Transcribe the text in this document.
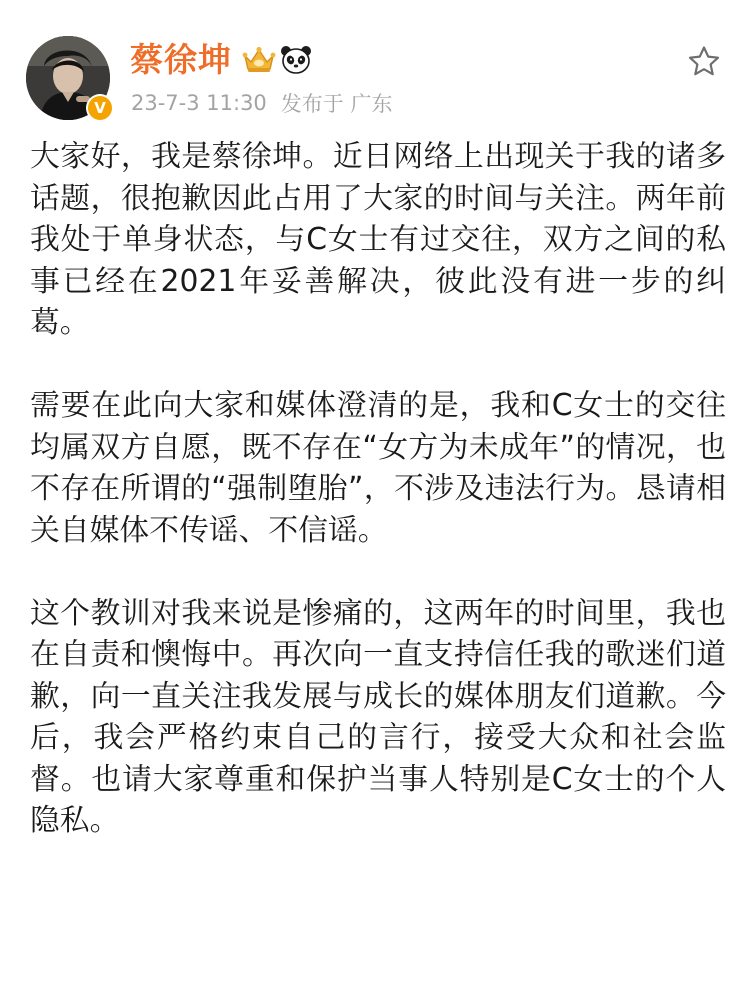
V
蔡徐坤
23-7-3 11:30 发布于 广东

大家好，我是蔡徐坤。近日网络上出现关于我的诸多话题，很抱歉因此占用了大家的时间与关注。两年前我处于单身状态，与C女士有过交往，双方之间的私事已经在2021年妥善解决，彼此没有进一步的纠葛。

需要在此向大家和媒体澄清的是，我和C女士的交往均属双方自愿，既不存在“女方为未成年”的情况，也不存在所谓的“强制堕胎”，不涉及违法行为。恳请相关自媒体不传谣、不信谣。

这个教训对我来说是惨痛的，这两年的时间里，我也在自责和懊悔中。再次向一直支持信任我的歌迷们道歉，向一直关注我发展与成长的媒体朋友们道歉。今后，我会严格约束自己的言行，接受大众和社会监督。也请大家尊重和保护当事人特别是C女士的个人隐私。
